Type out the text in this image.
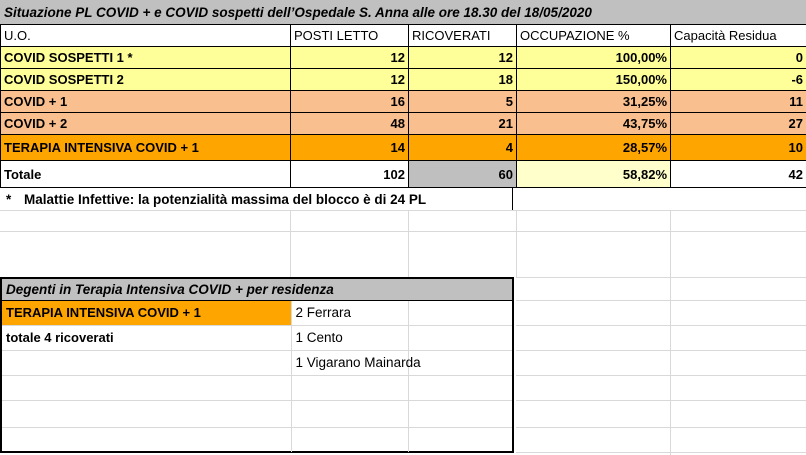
Situazione PL COVID + e COVID sospetti dell’Ospedale S. Anna alle ore 18.30 del 18/05/2020
U.O.	POSTI LETTO	RICOVERATI	OCCUPAZIONE %	Capacità Residua
COVID SOSPETTI 1 *	12	12	100,00%	0
COVID SOSPETTI 2	12	18	150,00%	-6
COVID + 1	16	5	31,25%	11
COVID + 2	48	21	43,75%	27
TERAPIA INTENSIVA COVID + 1	14	4	28,57%	10
Totale	102	60	58,82%	42
* Malattie Infettive: la potenzialità massima del blocco è di 24 PL
Degenti in Terapia Intensiva COVID + per residenza		
TERAPIA INTENSIVA COVID + 1	2 Ferrara	
totale 4 ricoverati	1 Cento	
	1 Vigarano Mainarda	
